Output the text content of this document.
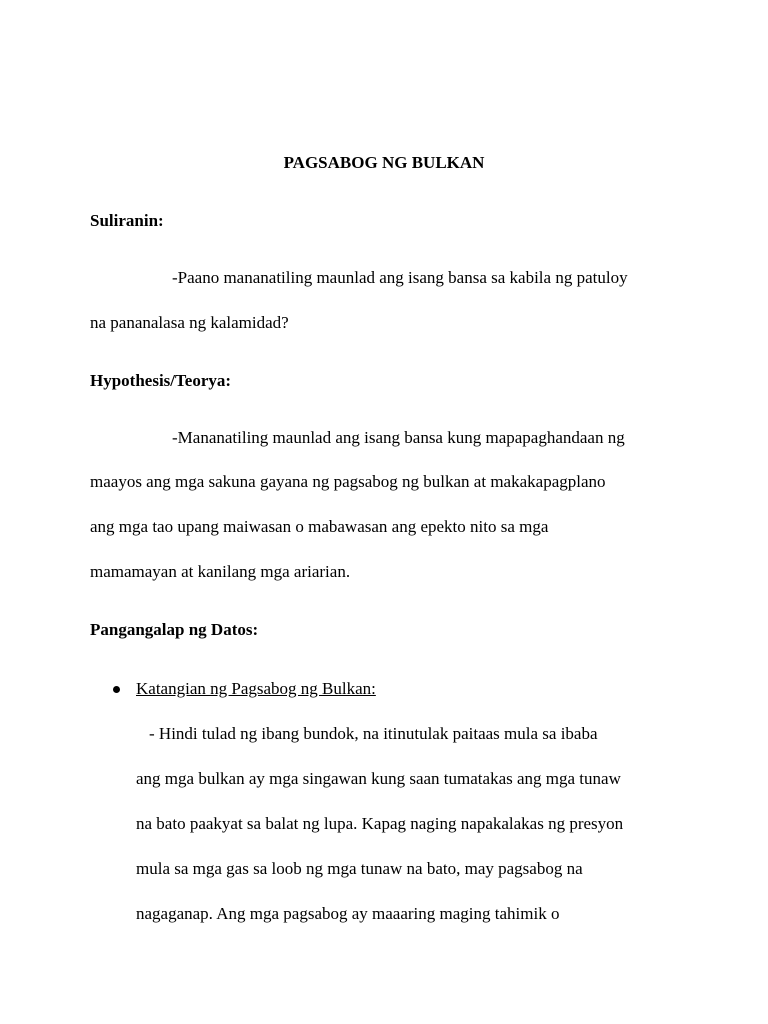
PAGSABOG NG BULKAN
Suliranin:
-Paano mananatiling maunlad ang isang bansa sa kabila ng patuloy
na pananalasa ng kalamidad?
Hypothesis/Teorya:
-Mananatiling maunlad ang isang bansa kung mapapaghandaan ng
maayos ang mga sakuna gayana ng pagsabog ng bulkan at makakapagplano
ang mga tao upang maiwasan o mabawasan ang epekto nito sa mga
mamamayan at kanilang mga ariarian.
Pangangalap ng Datos:
Katangian ng Pagsabog ng Bulkan:
- Hindi tulad ng ibang bundok, na itinutulak paitaas mula sa ibaba
ang mga bulkan ay mga singawan kung saan tumatakas ang mga tunaw
na bato paakyat sa balat ng lupa. Kapag naging napakalakas ng presyon
mula sa mga gas sa loob ng mga tunaw na bato, may pagsabog na
nagaganap. Ang mga pagsabog ay maaaring maging tahimik o
